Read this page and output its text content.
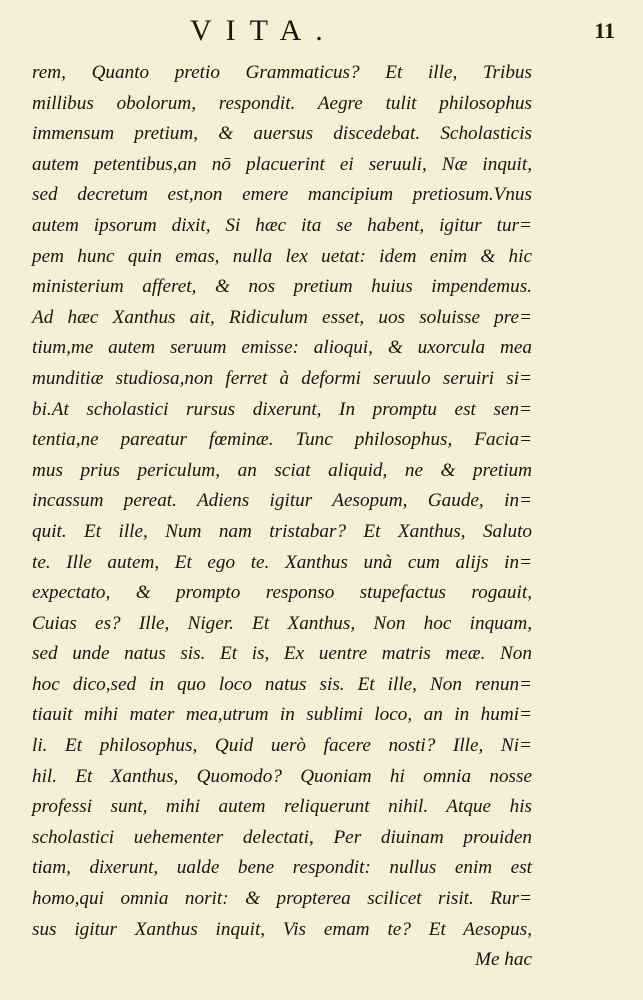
VITA.	11
rem, Quanto pretio Grammaticus? Et ille, Tribus
millibus obolorum, respondit. Aegre tulit philosophus
immensum pretium, & auersus discedebat. Scholasticis
autem petentibus,an nō placuerint ei seruuli, Næ inquit,
sed decretum est,non emere mancipium pretiosum.Vnus
autem ipsorum dixit, Si hæc ita se habent, igitur tur=
pem hunc quin emas, nulla lex uetat: idem enim & hic
ministerium afferet, & nos pretium huius impendemus.
Ad hæc Xanthus ait, Ridiculum esset, uos soluisse pre=
tium,me autem seruum emisse: alioqui, & uxorcula mea
munditiæ studiosa,non ferret à deformi seruulo seruiri si=
bi.At scholastici rursus dixerunt, In promptu est sen=
tentia,ne pareatur fœminæ. Tunc philosophus, Facia=
mus prius periculum, an sciat aliquid, ne & pretium
incassum pereat. Adiens igitur Aesopum, Gaude, in=
quit. Et ille, Num nam tristabar? Et Xanthus, Saluto
te. Ille autem, Et ego te. Xanthus unà cum alijs in=
expectato, & prompto responso stupefactus rogauit,
Cuias es? Ille, Niger. Et Xanthus, Non hoc inquam,
sed unde natus sis. Et is, Ex uentre matris meæ. Non
hoc dico,sed in quo loco natus sis. Et ille, Non renun=
tiauit mihi mater mea,utrum in sublimi loco, an in humi=
li. Et philosophus, Quid uerò facere nosti? Ille, Ni=
hil. Et Xanthus, Quomodo? Quoniam hi omnia nosse
professi sunt, mihi autem reliquerunt nihil. Atque his
scholastici uehementer delectati, Per diuinam prouiden
tiam, dixerunt, ualde bene respondit: nullus enim est
homo,qui omnia norit: & propterea scilicet risit. Rur=
sus igitur Xanthus inquit, Vis emam te? Et Aesopus,
Me hac
